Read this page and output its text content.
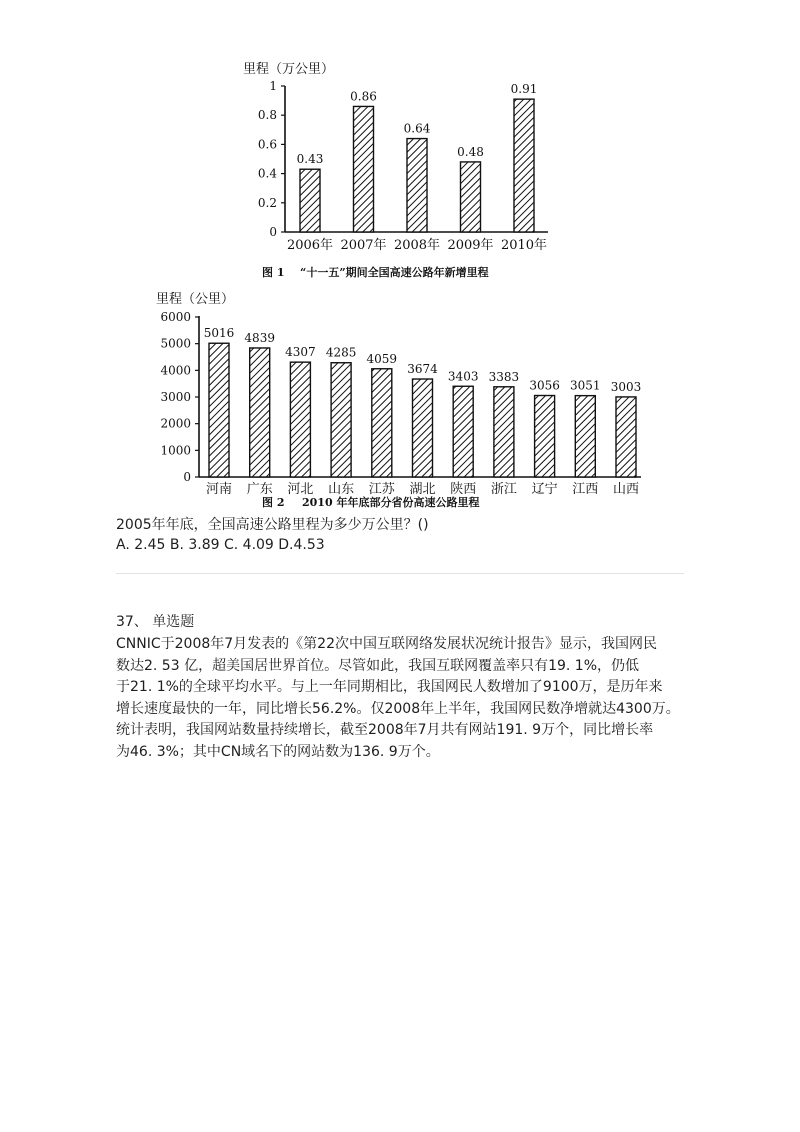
里程（万公里）
0
0.2
0.4
0.6
0.8
1
0.43
0.86
0.64
0.48
0.91
2006年 2007年 2008年 2009年 2010年
图 1 “十一五”期间全国高速公路年新增里程
里程（公里）
0
1000
2000
3000
4000
5000
6000
5016 4839
4307 4285 4059
3674
3403 3383
3056 3051 3003
河南 广东 河北 山东 江苏 湖北 陕西 浙江 辽宁 江西 山西
图 2 2010 年年底部分省份高速公路里程
2005年年底，全国高速公路里程为多少万公里？()
A. 2.45 B. 3.89 C. 4.09 D.4.53
37、 单选题
CNNIC于2008年7月发表的《第22次中国互联网络发展状况统计报告》显示，我国网民
数达2. 53 亿，超美国居世界首位。尽管如此，我国互联网覆盖率只有19. 1%，仍低
于21. 1%的全球平均水平。与上一年同期相比，我国网民人数增加了9100万，是历年来
增长速度最快的一年，同比增长56.2%。仅2008年上半年，我国网民数净增就达4300万。
统计表明，我国网站数量持续增长，截至2008年7月共有网站191. 9万个，同比增长率
为46. 3%；其中CN域名下的网站数为136. 9万个。
